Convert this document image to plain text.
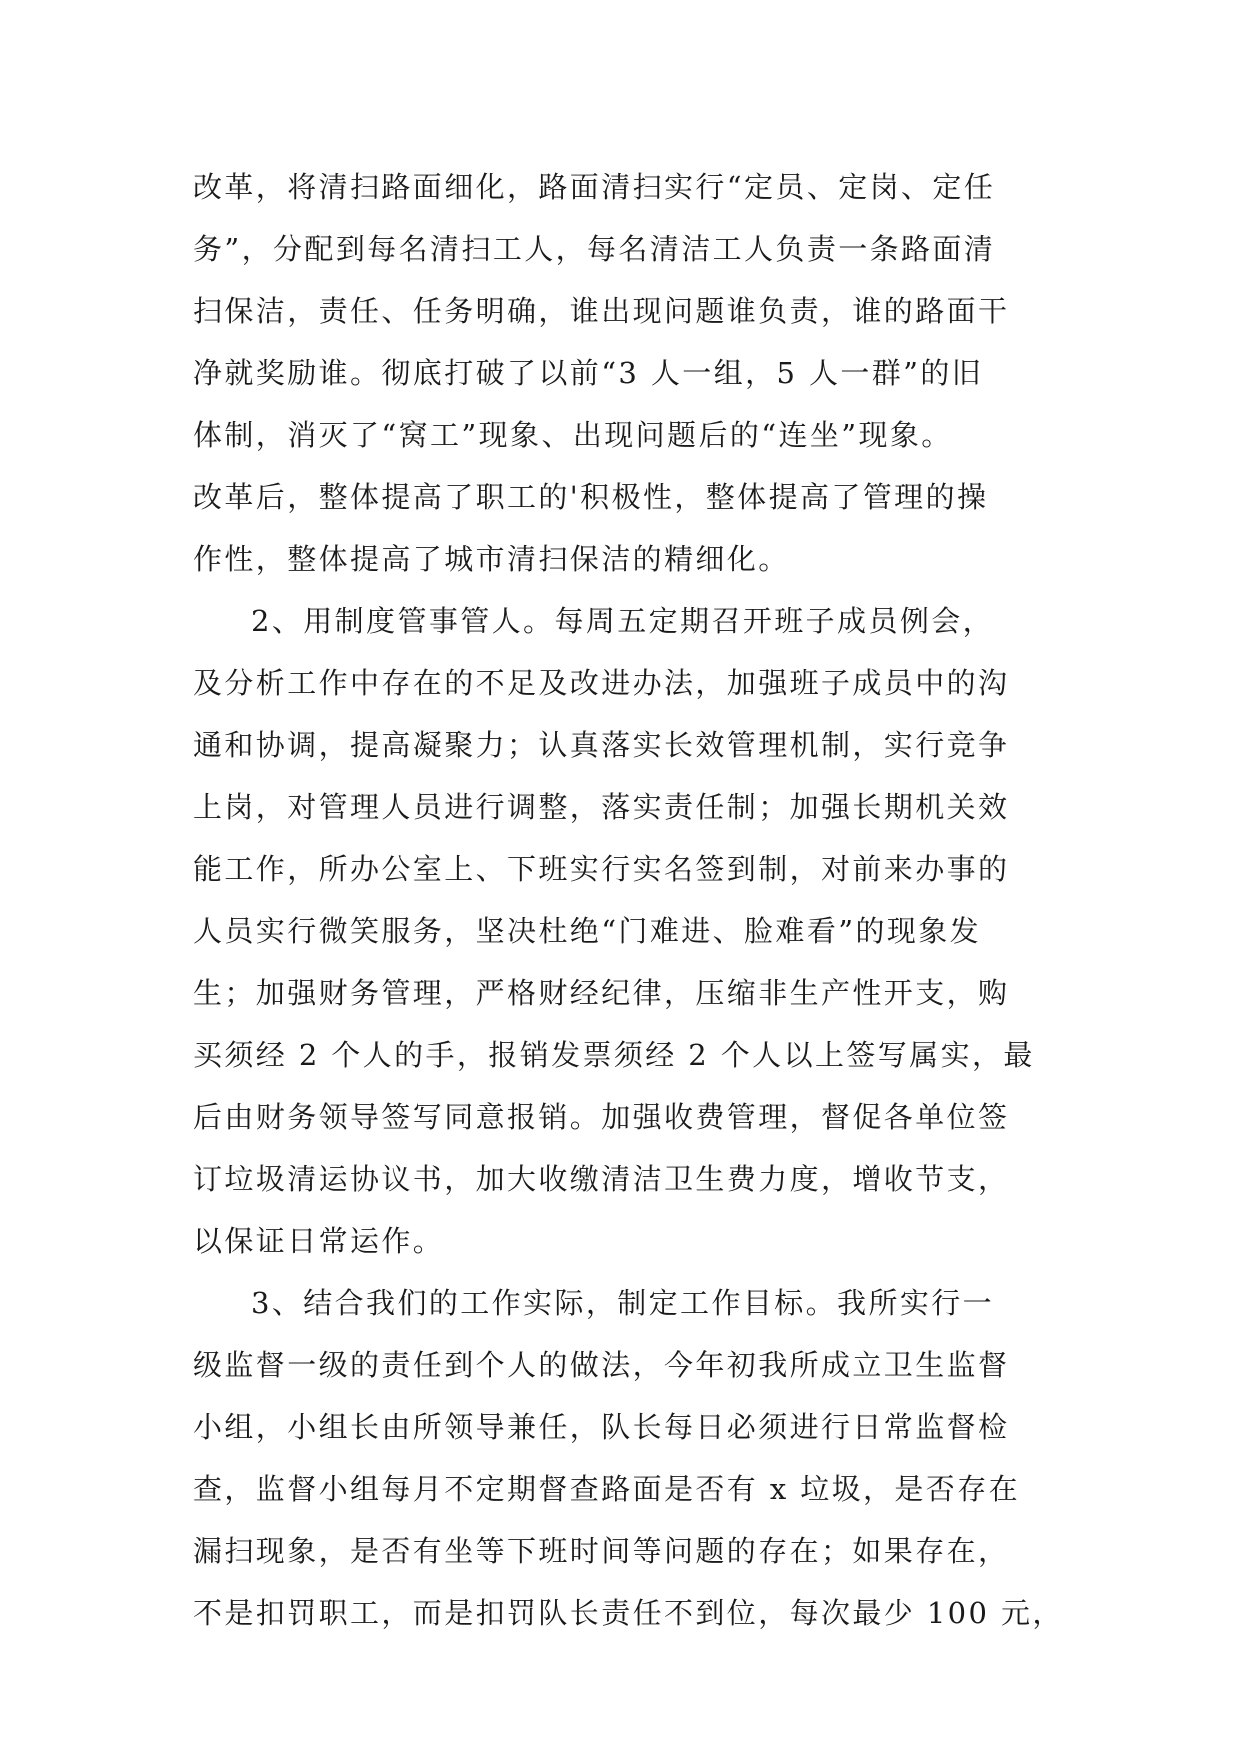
改革，将清扫路面细化，路面清扫实行“定员、定岗、定任
务”，分配到每名清扫工人，每名清洁工人负责一条路面清
扫保洁，责任、任务明确，谁出现问题谁负责，谁的路面干
净就奖励谁。彻底打破了以前“3 人一组，5 人一群”的旧
体制，消灭了“窝工”现象、出现问题后的“连坐”现象。
改革后，整体提高了职工的'积极性，整体提高了管理的操
作性，整体提高了城市清扫保洁的精细化。
2、用制度管事管人。每周五定期召开班子成员例会，
及分析工作中存在的不足及改进办法，加强班子成员中的沟
通和协调，提高凝聚力；认真落实长效管理机制，实行竞争
上岗，对管理人员进行调整，落实责任制；加强长期机关效
能工作，所办公室上、下班实行实名签到制，对前来办事的
人员实行微笑服务，坚决杜绝“门难进、脸难看”的现象发
生；加强财务管理，严格财经纪律，压缩非生产性开支，购
买须经 2 个人的手，报销发票须经 2 个人以上签写属实，最
后由财务领导签写同意报销。加强收费管理，督促各单位签
订垃圾清运协议书，加大收缴清洁卫生费力度，增收节支，
以保证日常运作。
3、结合我们的工作实际，制定工作目标。我所实行一
级监督一级的责任到个人的做法，今年初我所成立卫生监督
小组，小组长由所领导兼任，队长每日必须进行日常监督检
查，监督小组每月不定期督查路面是否有 x 垃圾，是否存在
漏扫现象，是否有坐等下班时间等问题的存在；如果存在，
不是扣罚职工，而是扣罚队长责任不到位，每次最少 100 元，
